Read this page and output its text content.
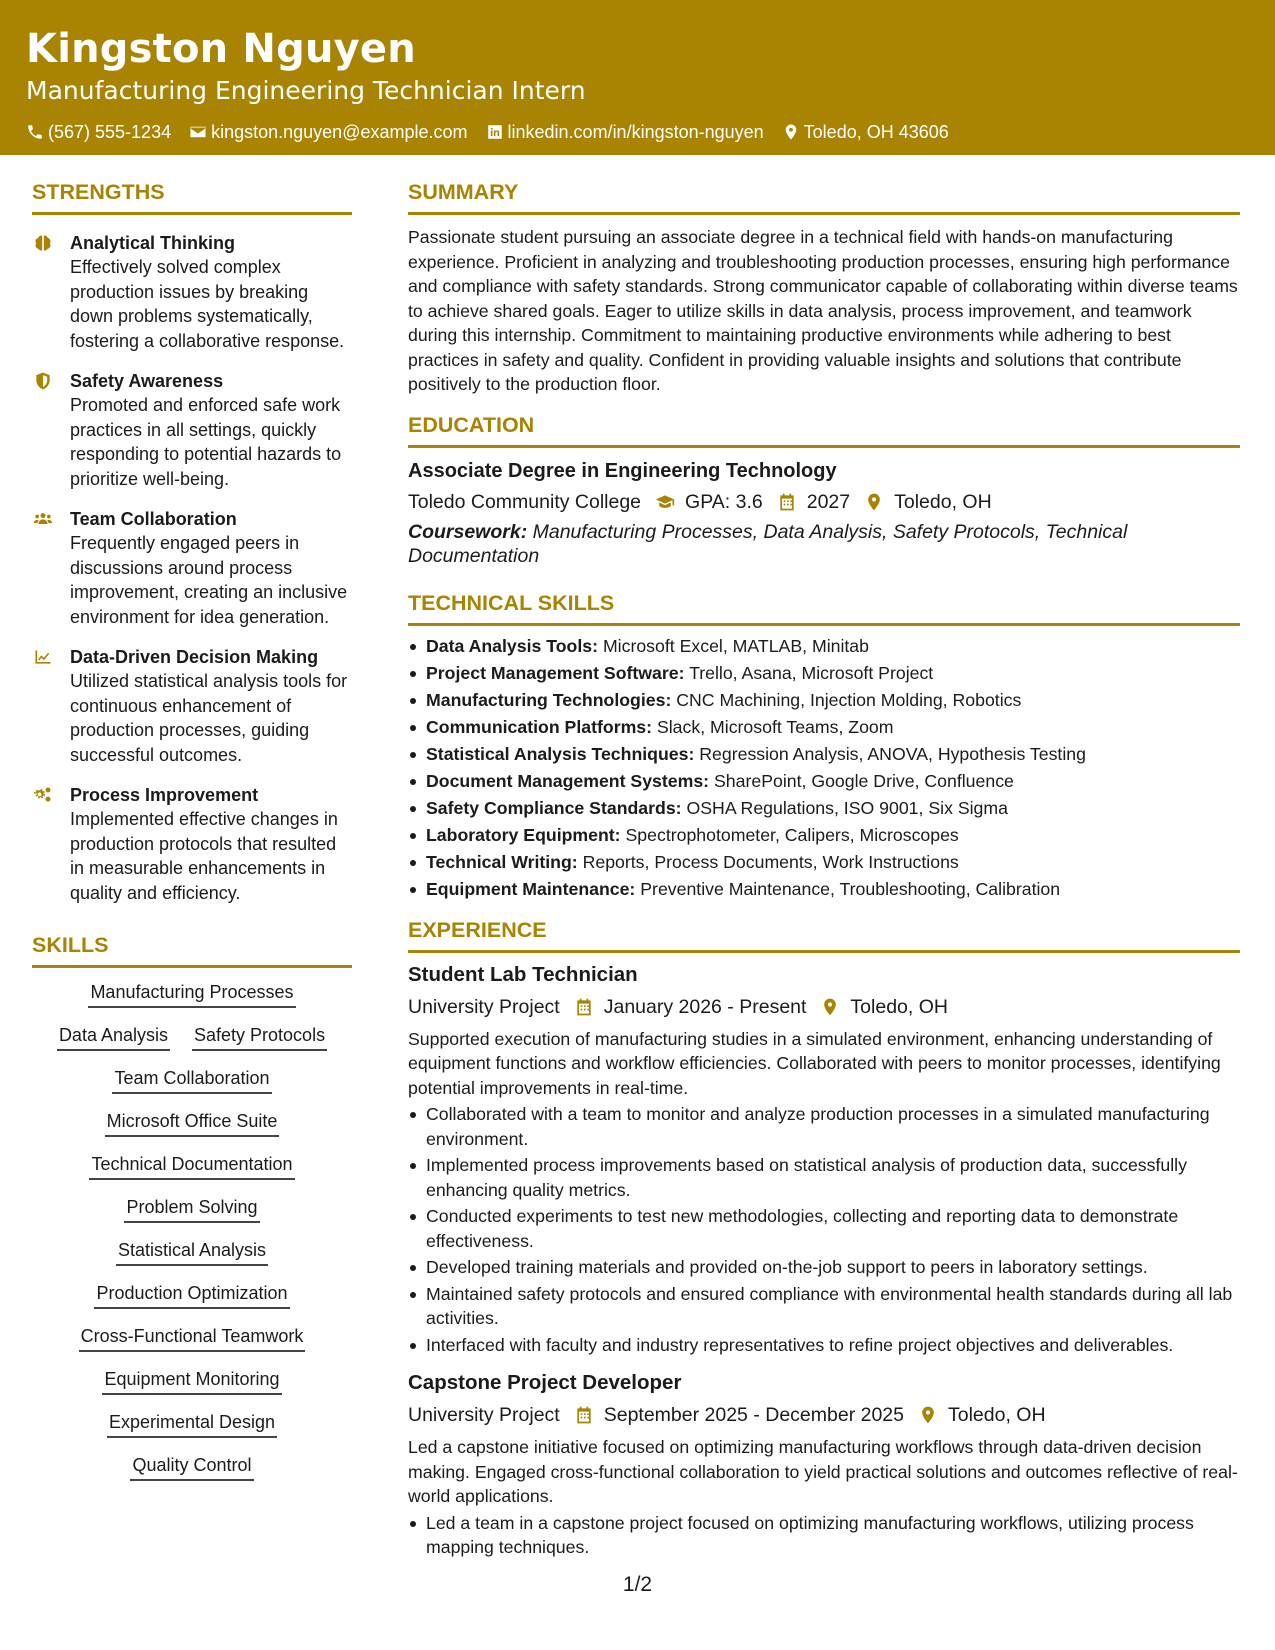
Kingston Nguyen
Manufacturing Engineering Technician Intern
(567) 555-1234 kingston.nguyen@example.com linkedin.com/in/kingston-nguyen Toledo, OH 43606
STRENGTHS
Analytical Thinking
Effectively solved complex production issues by breaking down problems systematically, fostering a collaborative response.
Safety Awareness
Promoted and enforced safe work practices in all settings, quickly responding to potential hazards to prioritize well-being.
Team Collaboration
Frequently engaged peers in discussions around process improvement, creating an inclusive environment for idea generation.
Data-Driven Decision Making
Utilized statistical analysis tools for continuous enhancement of production processes, guiding successful outcomes.
Process Improvement
Implemented effective changes in production protocols that resulted in measurable enhancements in quality and efficiency.
SKILLS
Manufacturing Processes
Data Analysis Safety Protocols
Team Collaboration
Microsoft Office Suite
Technical Documentation
Problem Solving
Statistical Analysis
Production Optimization
Cross-Functional Teamwork
Equipment Monitoring
Experimental Design
Quality Control
SUMMARY
Passionate student pursuing an associate degree in a technical field with hands-on manufacturing experience. Proficient in analyzing and troubleshooting production processes, ensuring high performance and compliance with safety standards. Strong communicator capable of collaborating within diverse teams to achieve shared goals. Eager to utilize skills in data analysis, process improvement, and teamwork during this internship. Commitment to maintaining productive environments while adhering to best practices in safety and quality. Confident in providing valuable insights and solutions that contribute positively to the production floor.
EDUCATION
Associate Degree in Engineering Technology
Toledo Community College GPA: 3.6 2027 Toledo, OH
Coursework: Manufacturing Processes, Data Analysis, Safety Protocols, Technical Documentation
TECHNICAL SKILLS
Data Analysis Tools: Microsoft Excel, MATLAB, Minitab
Project Management Software: Trello, Asana, Microsoft Project
Manufacturing Technologies: CNC Machining, Injection Molding, Robotics
Communication Platforms: Slack, Microsoft Teams, Zoom
Statistical Analysis Techniques: Regression Analysis, ANOVA, Hypothesis Testing
Document Management Systems: SharePoint, Google Drive, Confluence
Safety Compliance Standards: OSHA Regulations, ISO 9001, Six Sigma
Laboratory Equipment: Spectrophotometer, Calipers, Microscopes
Technical Writing: Reports, Process Documents, Work Instructions
Equipment Maintenance: Preventive Maintenance, Troubleshooting, Calibration
EXPERIENCE
Student Lab Technician
University Project January 2026 - Present Toledo, OH
Supported execution of manufacturing studies in a simulated environment, enhancing understanding of equipment functions and workflow efficiencies. Collaborated with peers to monitor processes, identifying potential improvements in real-time.
Collaborated with a team to monitor and analyze production processes in a simulated manufacturing environment.
Implemented process improvements based on statistical analysis of production data, successfully enhancing quality metrics.
Conducted experiments to test new methodologies, collecting and reporting data to demonstrate effectiveness.
Developed training materials and provided on-the-job support to peers in laboratory settings.
Maintained safety protocols and ensured compliance with environmental health standards during all lab activities.
Interfaced with faculty and industry representatives to refine project objectives and deliverables.
Capstone Project Developer
University Project September 2025 - December 2025 Toledo, OH
Led a capstone initiative focused on optimizing manufacturing workflows through data-driven decision making. Engaged cross-functional collaboration to yield practical solutions and outcomes reflective of real-world applications.
Led a team in a capstone project focused on optimizing manufacturing workflows, utilizing process mapping techniques.
1/2
